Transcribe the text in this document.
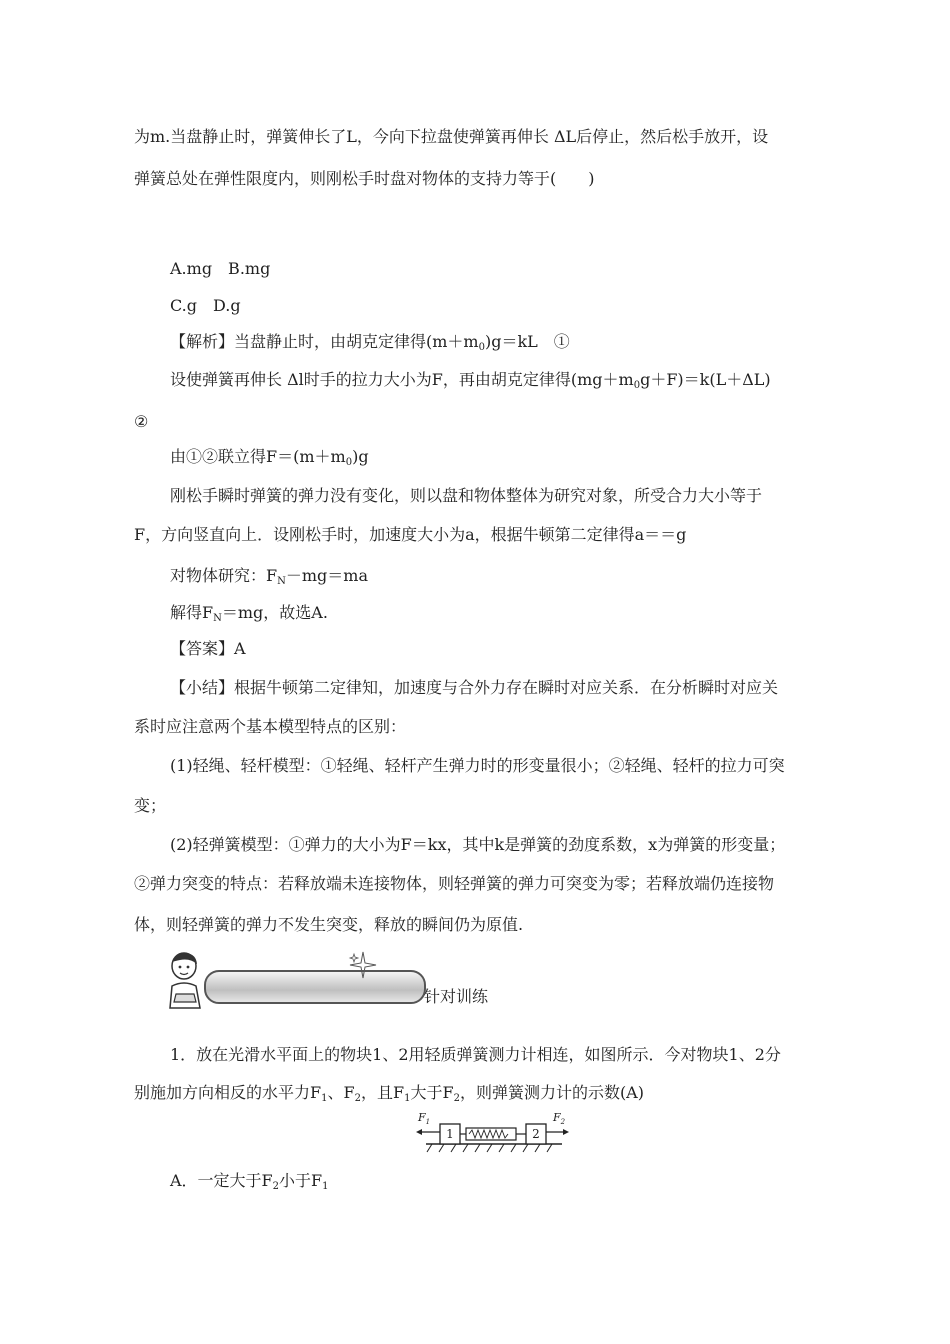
为m.当盘静止时，弹簧伸长了L，今向下拉盘使弹簧再伸长 ΔL后停止，然后松手放开，设
弹簧总处在弹性限度内，则刚松手时盘对物体的支持力等于(　　)
A.mg　B.mg
C.g　D.g
【解析】当盘静止时，由胡克定律得$(m+m_0)g=kL$　①
设使弹簧再伸长 Δl时手的拉力大小为F，再由胡克定律得$(mg+m_0g+F)=k(L+\Delta L)$
②
由①②联立得$F=(m+m_0)g$
刚松手瞬时弹簧的弹力没有变化，则以盘和物体整体为研究对象，所受合力大小等于
F，方向竖直向上．设刚松手时，加速度大小为a，根据牛顿第二定律得a＝＝g
对物体研究：$F_N-mg=ma$
解得$F_N=mg$，故选A.
【答案】A
【小结】根据牛顿第二定律知，加速度与合外力存在瞬时对应关系．在分析瞬时对应关
系时应注意两个基本模型特点的区别：
(1)轻绳、轻杆模型：①轻绳、轻杆产生弹力时的形变量很小；②轻绳、轻杆的拉力可突
变；
(2)轻弹簧模型：①弹力的大小为F＝kx，其中k是弹簧的劲度系数，x为弹簧的形变量；
②弹力突变的特点：若释放端未连接物体，则轻弹簧的弹力可突变为零；若释放端仍连接物
体，则轻弹簧的弹力不发生突变，释放的瞬间仍为原值.
针对训练
1．放在光滑水平面上的物块1、2用轻质弹簧测力计相连，如图所示．今对物块1、2分
别施加方向相反的水平力$F_1$、$F_2$，且$F_1$大于$F_2$，则弹簧测力计的示数(A)
$F_1$	$F_2$
1	2
A．一定大于$F_2$小于$F_1$
